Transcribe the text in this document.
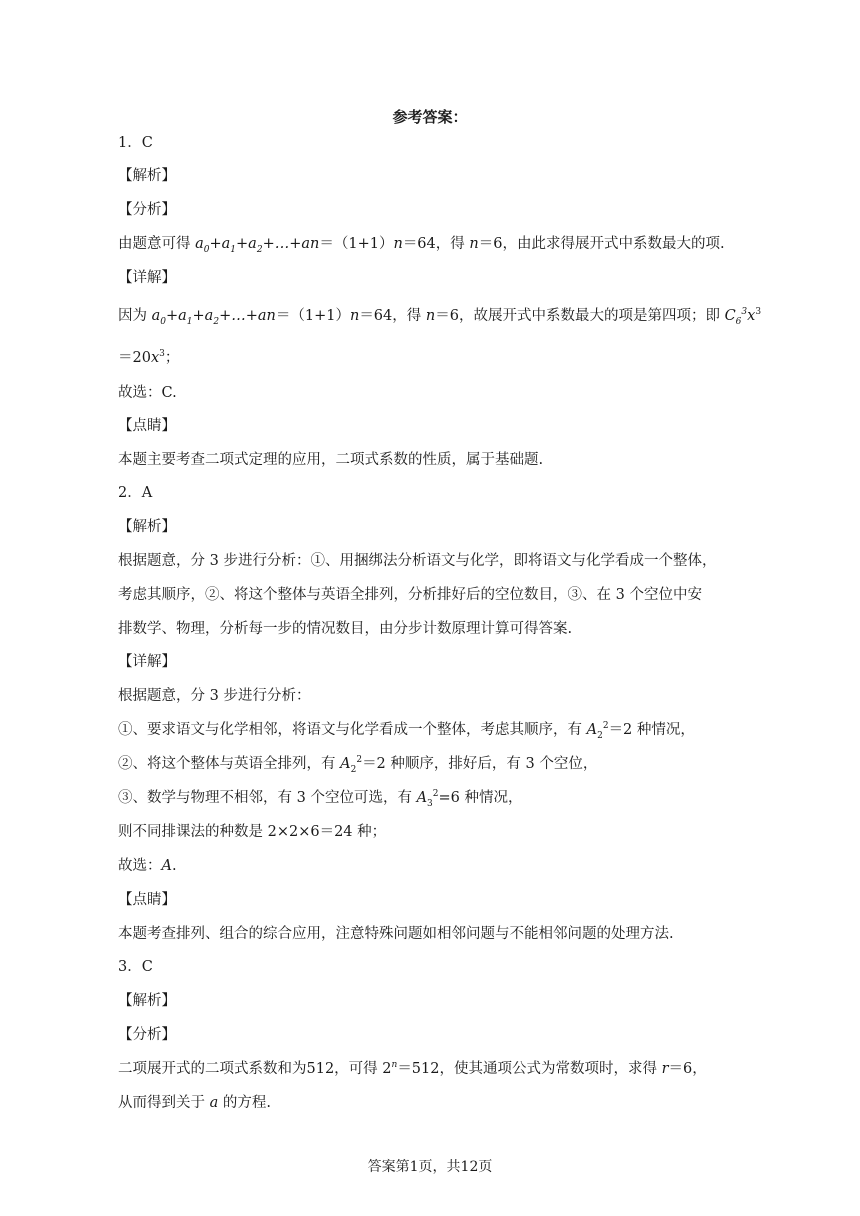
参考答案：
1．C
【解析】
【分析】
由题意可得 $a_0+a_1+a_2+\dots+an=(1+1)n=64$，得 n＝6，由此求得展开式中系数最大的项.
【详解】
因为 $a_0+a_1+a_2+\dots+an=(1+1)n=64$，得 n＝6，故展开式中系数最大的项是第四项；即 $C_6^3x^3$
$=20x^3$；
故选：C.
【点睛】
本题主要考查二项式定理的应用，二项式系数的性质，属于基础题.
2．A
【解析】
根据题意，分 3 步进行分析：①、用捆绑法分析语文与化学，即将语文与化学看成一个整体，
考虑其顺序，②、将这个整体与英语全排列，分析排好后的空位数目，③、在 3 个空位中安
排数学、物理，分析每一步的情况数目，由分步计数原理计算可得答案.
【详解】
根据题意，分 3 步进行分析：
①、要求语文与化学相邻，将语文与化学看成一个整体，考虑其顺序，有 $A_2^2=2$ 种情况，
②、将这个整体与英语全排列，有 $A_2^2=2$ 种顺序，排好后，有 3 个空位，
③、数学与物理不相邻，有 3 个空位可选，有 $A_3^2=6$ 种情况，
则不同排课法的种数是 2×2×6＝24 种；
故选：A.
【点睛】
本题考查排列、组合的综合应用，注意特殊问题如相邻问题与不能相邻问题的处理方法.
3．C
【解析】
【分析】
二项展开式的二项式系数和为512，可得 $2^n=512$，使其通项公式为常数项时，求得 r＝6，
从而得到关于 a 的方程.
答案第1页，共12页
